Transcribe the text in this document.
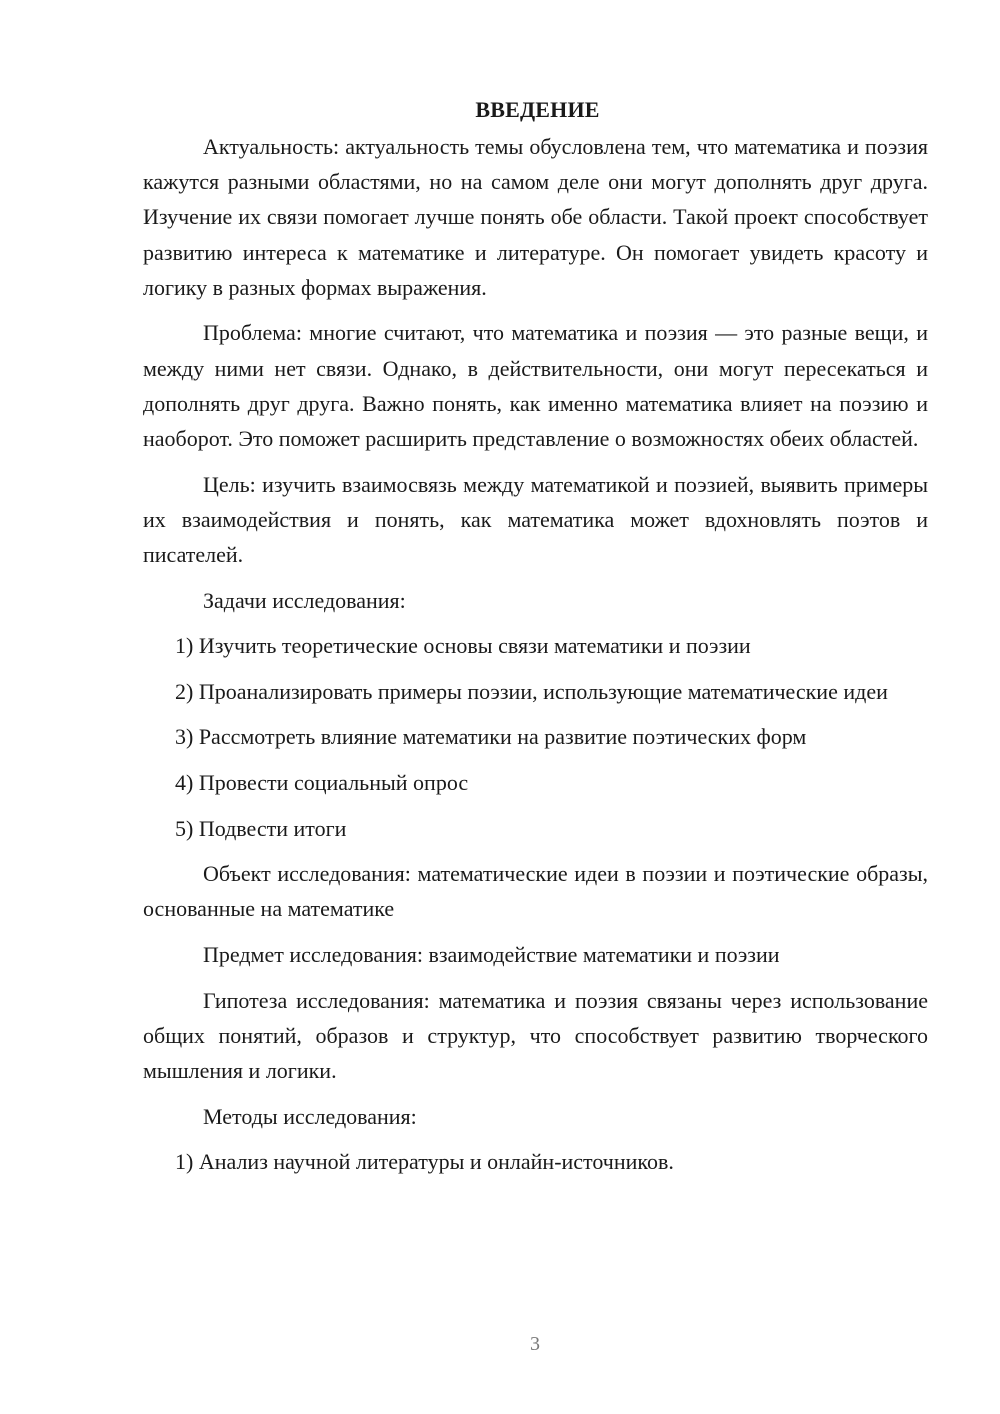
ВВЕДЕНИЕ

Актуальность: актуальность темы обусловлена тем, что математика и поэзия кажутся разными областями, но на самом деле они могут дополнять друг друга. Изучение их связи помогает лучше понять обе области. Такой проект способствует развитию интереса к математике и литературе. Он помогает увидеть красоту и логику в разных формах выражения.

Проблема: многие считают, что математика и поэзия — это разные вещи, и между ними нет связи. Однако, в действительности, они могут пересекаться и дополнять друг друга. Важно понять, как именно математика влияет на поэзию и наоборот. Это поможет расширить представление о возможностях обеих областей.

Цель: изучить взаимосвязь между математикой и поэзией, выявить примеры их взаимодействия и понять, как математика может вдохновлять поэтов и писателей.

Задачи исследования:

1) Изучить теоретические основы связи математики и поэзии

2) Проанализировать примеры поэзии, использующие математические идеи

3) Рассмотреть влияние математики на развитие поэтических форм

4) Провести социальный опрос

5) Подвести итоги

Объект исследования: математические идеи в поэзии и поэтические образы, основанные на математике

Предмет исследования: взаимодействие математики и поэзии

Гипотеза исследования: математика и поэзия связаны через использование общих понятий, образов и структур, что способствует развитию творческого мышления и логики.

Методы исследования:

1) Анализ научной литературы и онлайн-источников.

3
